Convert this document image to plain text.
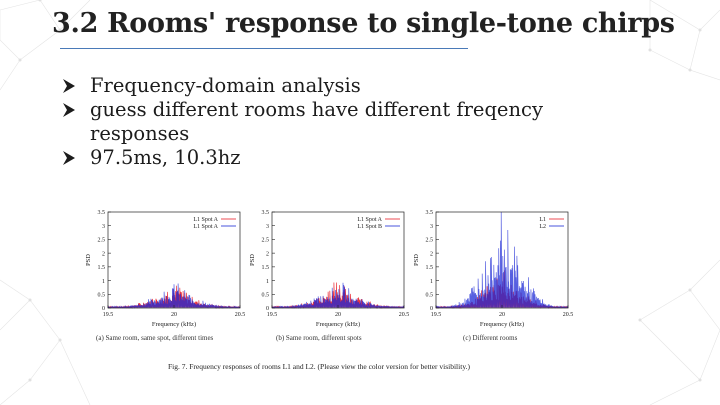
3.2 Rooms' response to single-tone chirps
Frequency-domain analysis
guess different rooms have different freqency responses
97.5ms, 10.3hz
0
0.5
1
1.5
2
2.5
3
3.5
19.5	20	20.5
Frequency (kHz)
PSD
L1 Spot A
L1 Spot A
0
0.5
1
1.5
2
2.5
3
3.5
19.5	20	20.5
Frequency (kHz)
PSD
L1 Spot A
L1 Spot B
0
0.5
1
1.5
2
2.5
3
3.5
19.5	20	20.5
Frequency (kHz)
PSD
L1
L2
(a) Same room, same spot, different times	(b) Same room, different spots	(c) Different rooms
Fig. 7. Frequency responses of rooms L1 and L2. (Please view the color version for better visibility.)
